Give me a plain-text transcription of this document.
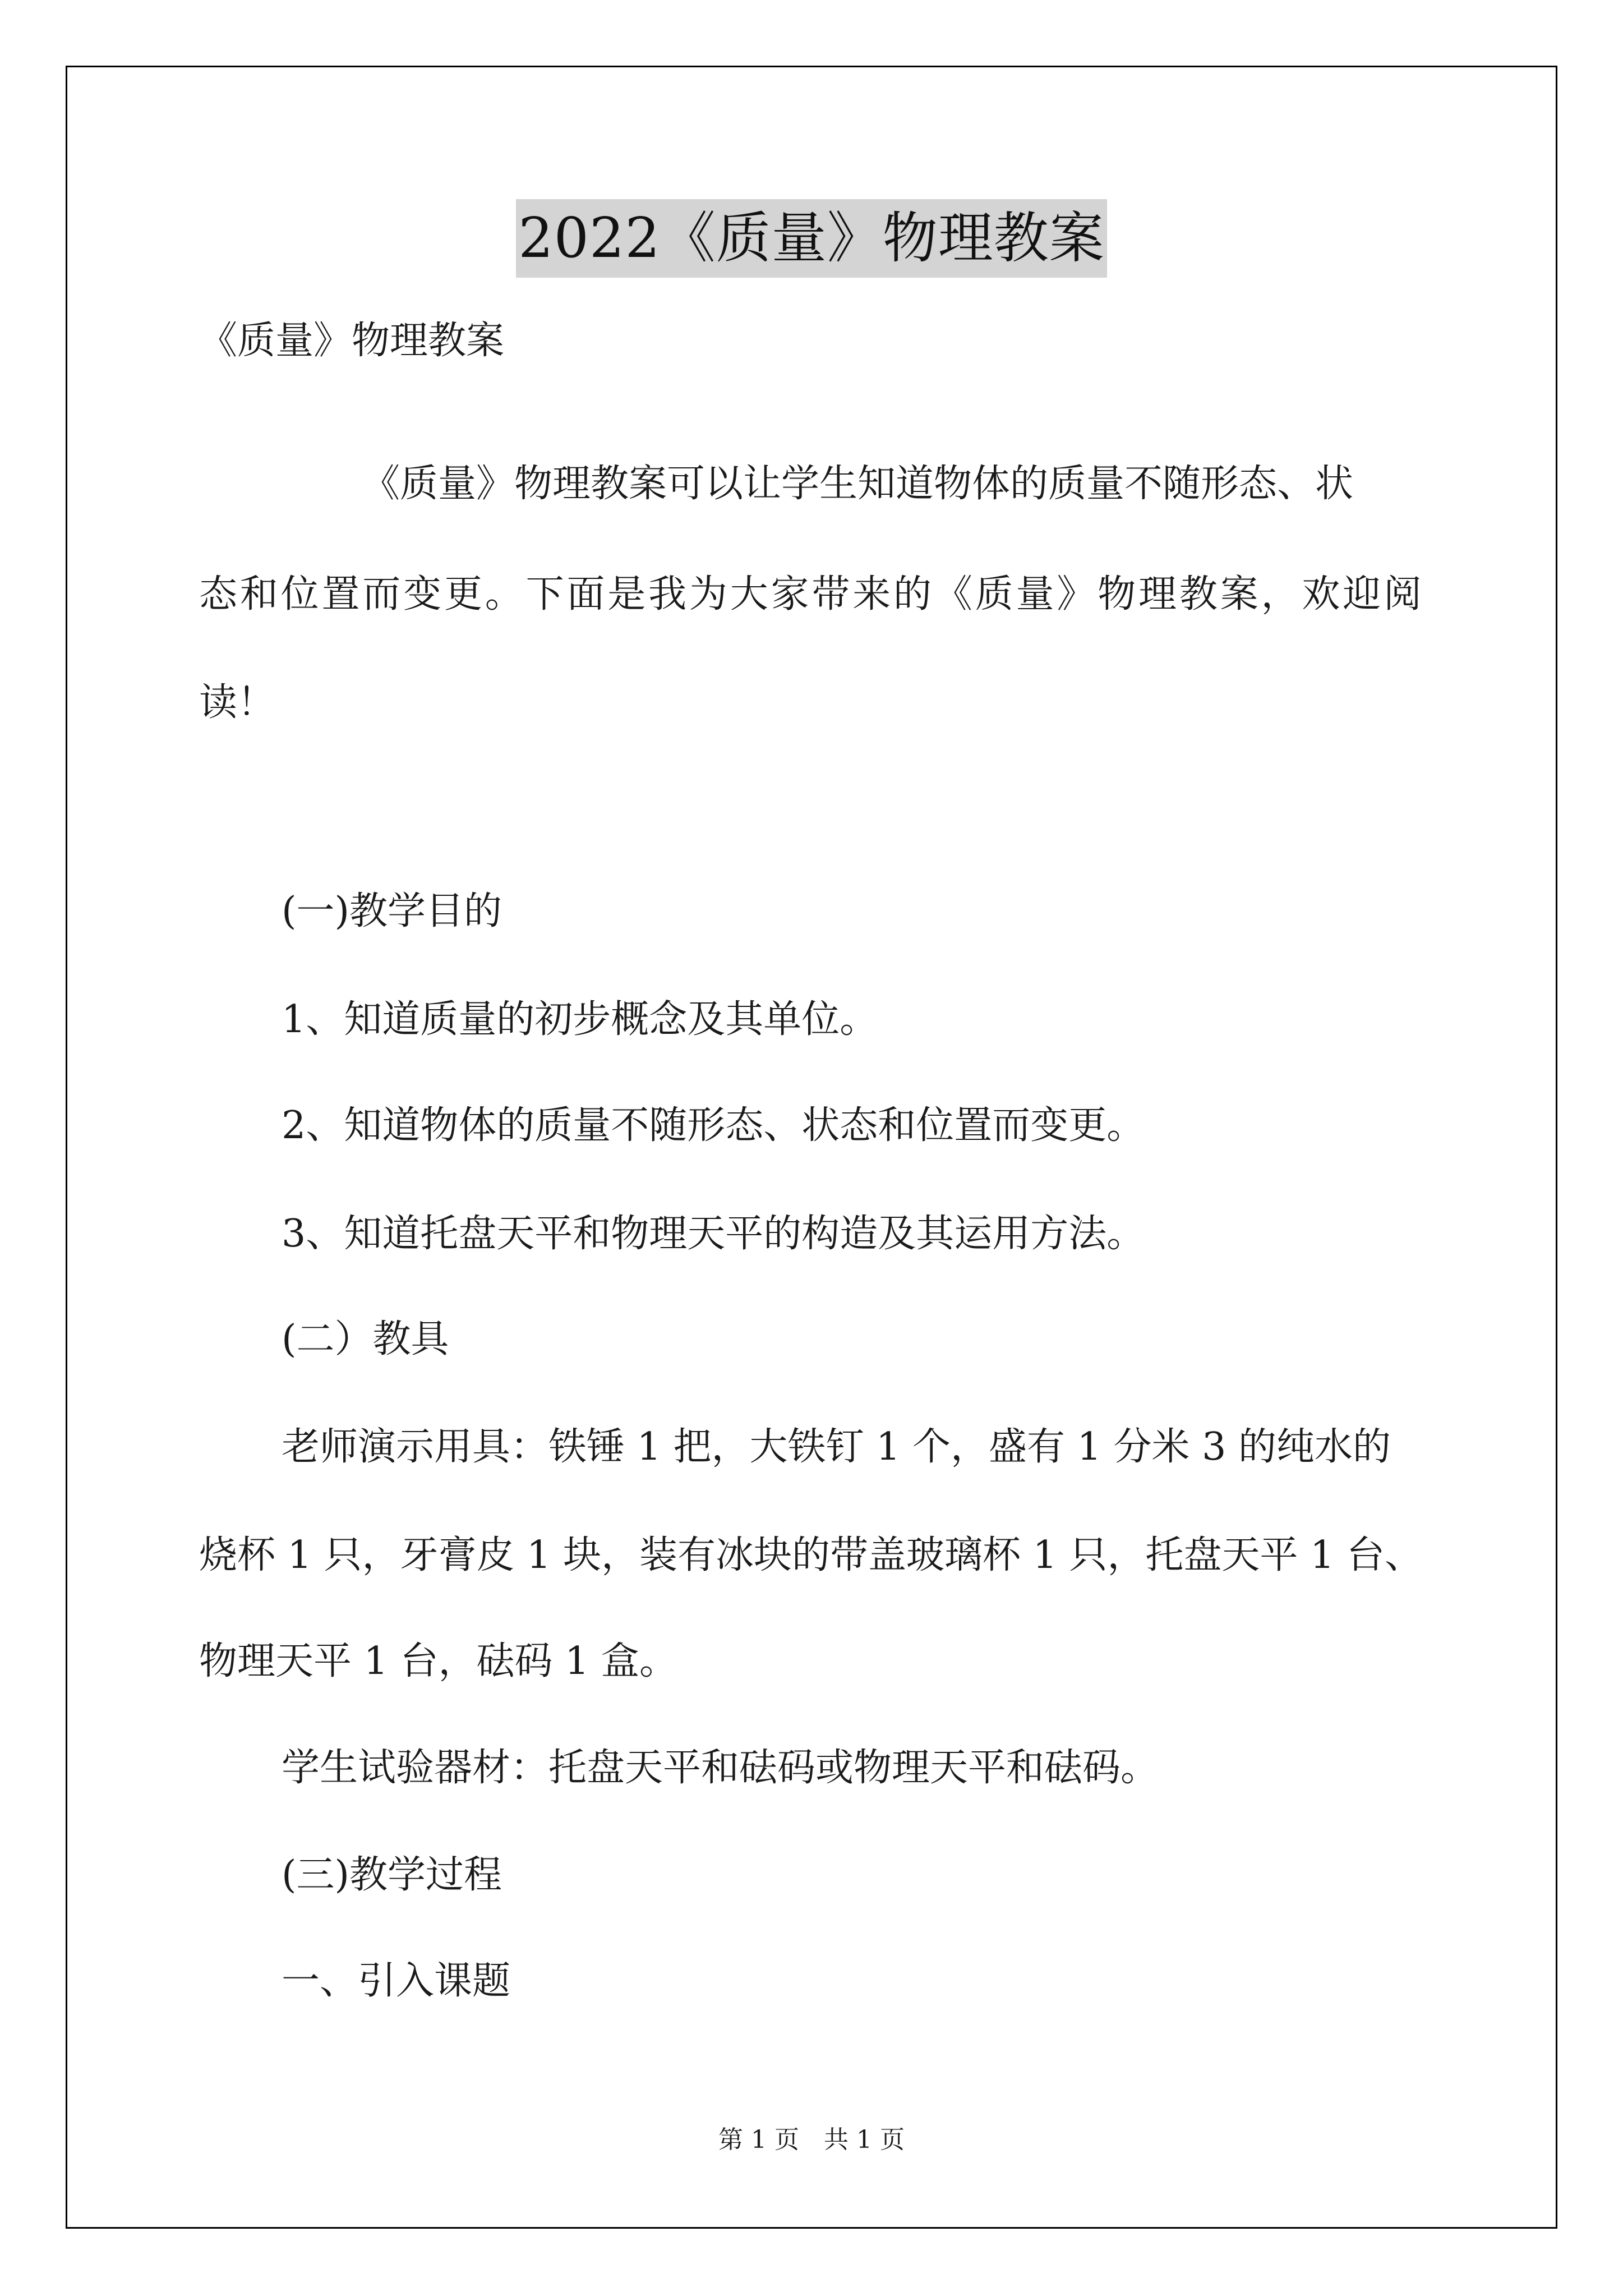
2022《质量》物理教案
《质量》物理教案
《质量》物理教案可以让学生知道物体的质量不随形态、状
态和位置而变更。下面是我为大家带来的《质量》物理教案，欢迎阅
读！
(一)教学目的
1、知道质量的初步概念及其单位。
2、知道物体的质量不随形态、状态和位置而变更。
3、知道托盘天平和物理天平的构造及其运用方法。
(二）教具
老师演示用具：铁锤 1 把，大铁钉 1 个，盛有 1 分米 3 的纯水的
烧杯 1 只，牙膏皮 1 块，装有冰块的带盖玻璃杯 1 只，托盘天平 1 台、
物理天平 1 台，砝码 1 盒。
学生试验器材：托盘天平和砝码或物理天平和砝码。
(三)教学过程
一、引入课题
第 1 页　共 1 页
